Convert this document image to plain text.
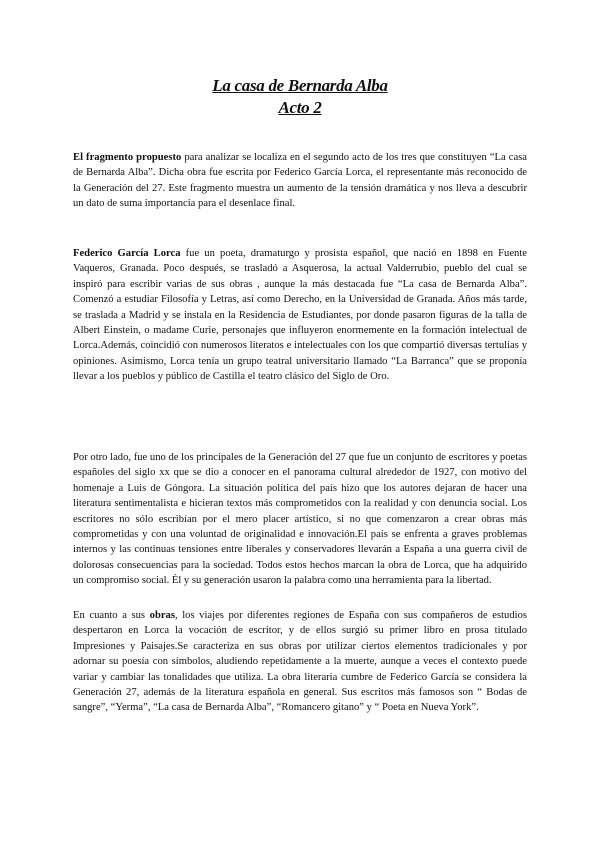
La casa de Bernarda Alba
Acto 2

El fragmento propuesto para analizar se localiza en el segundo acto de los tres que constituyen “La casa de Bernarda Alba”. Dicha obra fue escrita por Federico García Lorca, el representante más reconocido de la Generación del 27. Este fragmento muestra un aumento de la tensión dramática y nos lleva a descubrir un dato de suma importancia para el desenlace final.

Federico García Lorca fue un poeta, dramaturgo y prosista español, que nació en 1898 en Fuente Vaqueros, Granada. Poco después, se trasladó a Asquerosa, la actual Valderrubio, pueblo del cual se inspiró para escribir varias de sus obras , aunque la más destacada fue “La casa de Bernarda Alba”. Comenzó a estudiar Filosofía y Letras, así como Derecho, en la Universidad de Granada. Años más tarde, se traslada a Madrid y se instala en la Residencia de Estudiantes, por donde pasaron figuras de la talla de Albert Einstein, o madame Curie, personajes que influyeron enormemente en la formación intelectual de Lorca.Además, coincidió con numerosos literatos e intelectuales con los que compartió diversas tertulias y opiniones. Asimismo, Lorca tenía un grupo teatral universitario llamado “La Barranca” que se proponía llevar a los pueblos y público de Castilla el teatro clásico del Siglo de Oro.

Por otro lado, fue uno de los principales de la Generación del 27 que fue un conjunto de escritores y poetas españoles del siglo xx que se dio a conocer en el panorama cultural alrededor de 1927, con motivo del homenaje a Luis de Góngora. La situación política del país hizo que los autores dejaran de hacer una literatura sentimentalista e hicieran textos más comprometidos con la realidad y con denuncia social. Los escritores no sólo escribían por el mero placer artístico, si no que comenzaron a crear obras más comprometidas y con una voluntad de originalidad e innovación.El país se enfrenta a graves problemas internos y las continuas tensiones entre liberales y conservadores llevarán a España a una guerra civil de dolorosas consecuencias para la sociedad. Todos estos hechos marcan la obra de Lorca, que ha adquirido un compromiso social. Él y su generación usaron la palabra como una herramienta para la libertad.

En cuanto a sus obras, los viajes por diferentes regiones de España con sus compañeros de estudios despertaron en Lorca la vocación de escritor, y de ellos surgió su primer libro en prosa titulado Impresiones y Paisajes.Se caracteriza en sus obras por utilizar ciertos elementos tradicionales y por adornar su poesía con símbolos, aludiendo repetidamente a la muerte, aunque a veces el contexto puede variar y cambiar las tonalidades que utiliza. La obra literaria cumbre de Federico García se considera la Generación 27, además de la literatura española en general. Sus escritos más famosos son “ Bodas de sangre”, “Yerma”, “La casa de Bernarda Alba”, “Romancero gitano” y “ Poeta en Nueva York”.
